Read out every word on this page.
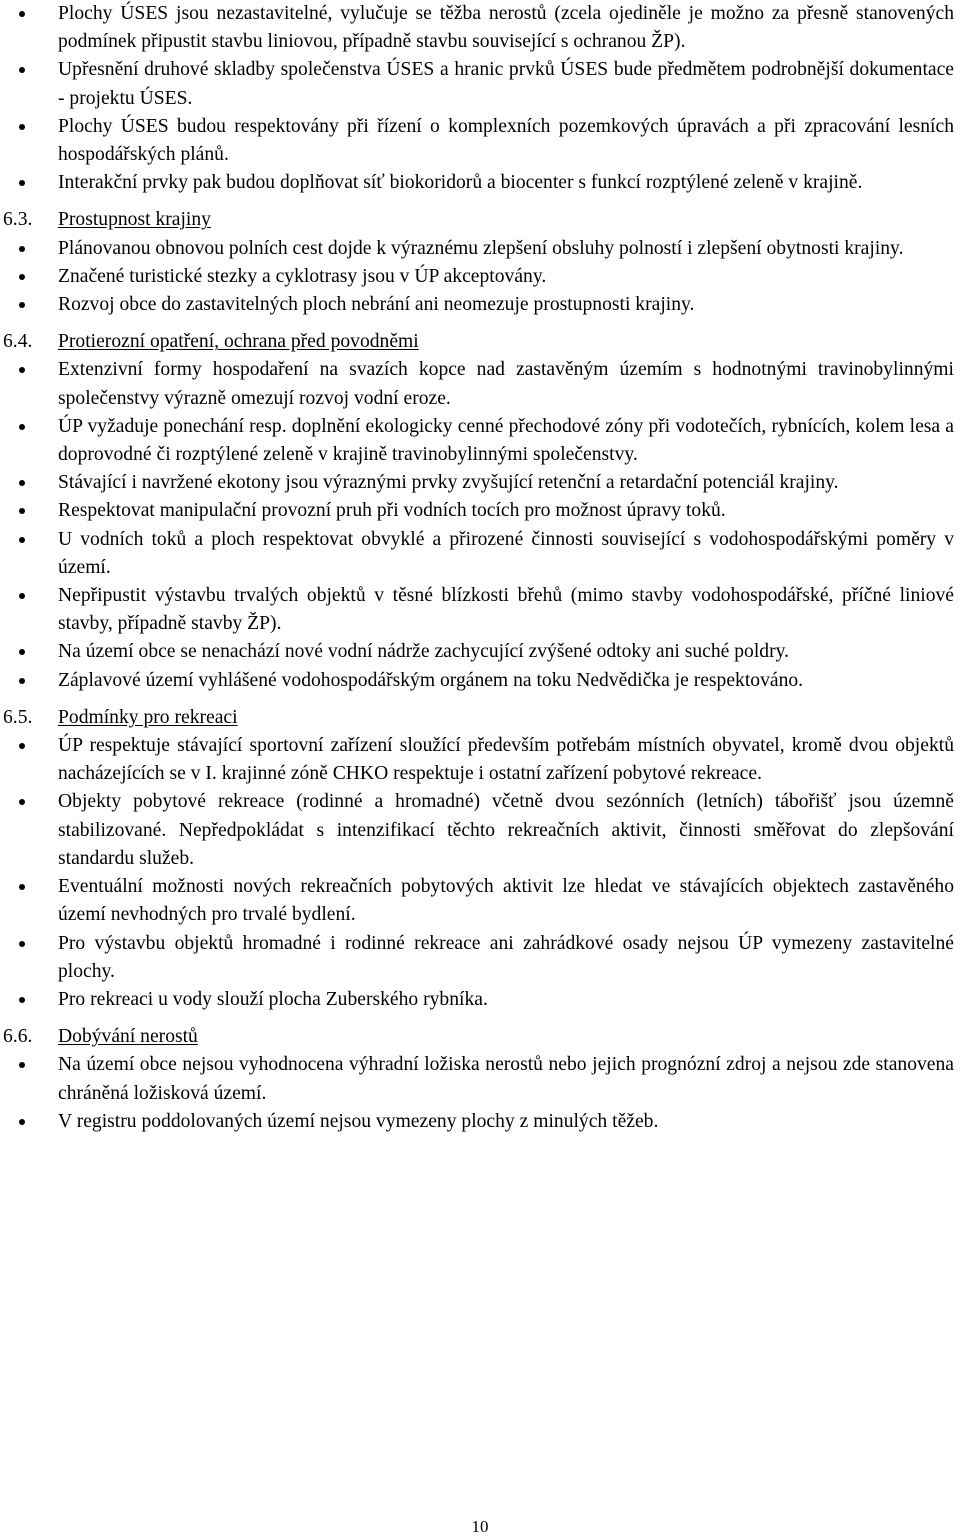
Plochy ÚSES jsou nezastavitelné, vylučuje se těžba nerostů (zcela ojediněle je možno za přesně stanovených podmínek připustit stavbu liniovou, případně stavbu související s ochranou ŽP).
Upřesnění druhové skladby společenstva ÚSES a hranic prvků ÚSES bude předmětem podrobnější dokumentace - projektu ÚSES.
Plochy ÚSES budou respektovány při řízení o komplexních pozemkových úpravách a při zpracování lesních hospodářských plánů.
Interakční prvky pak budou doplňovat síť biokoridorů a biocenter s funkcí rozptýlené zeleně v krajině.
6.3. Prostupnost krajiny
Plánovanou obnovou polních cest dojde k výraznému zlepšení obsluhy polností i zlepšení obytnosti krajiny.
Značené turistické stezky a cyklotrasy jsou v ÚP akceptovány.
Rozvoj obce do zastavitelných ploch nebrání ani neomezuje prostupnosti krajiny.
6.4. Protierozní opatření, ochrana před povodněmi
Extenzivní formy hospodaření na svazích kopce nad zastavěným územím s hodnotnými travinobylinnými společenstvy výrazně omezují rozvoj vodní eroze.
ÚP vyžaduje ponechání resp. doplnění ekologicky cenné přechodové zóny při vodotečích, rybnících, kolem lesa a doprovodné či rozptýlené zeleně v krajině travinobylinnými společenstvy.
Stávající i navržené ekotony jsou výraznými prvky zvyšující retenční a retardační potenciál krajiny.
Respektovat manipulační provozní pruh při vodních tocích pro možnost úpravy toků.
U vodních toků a ploch respektovat obvyklé a přirozené činnosti související s vodohospodářskými poměry v území.
Nepřipustit výstavbu trvalých objektů v těsné blízkosti břehů (mimo stavby vodohospodářské, příčné liniové stavby, případně stavby ŽP).
Na území obce se nenachází nové vodní nádrže zachycující zvýšené odtoky ani suché poldry.
Záplavové území vyhlášené vodohospodářským orgánem na toku Nedvědička je respektováno.
6.5. Podmínky pro rekreaci
ÚP respektuje stávající sportovní zařízení sloužící především potřebám místních obyvatel, kromě dvou objektů nacházejících se v I. krajinné zóně CHKO respektuje i ostatní zařízení pobytové rekreace.
Objekty pobytové rekreace (rodinné a hromadné) včetně dvou sezónních (letních) tábořišť jsou územně stabilizované. Nepředpokládat s intenzifikací těchto rekreačních aktivit, činnosti směřovat do zlepšování standardu služeb.
Eventuální možnosti nových rekreačních pobytových aktivit lze hledat ve stávajících objektech zastavěného území nevhodných pro trvalé bydlení.
Pro výstavbu objektů hromadné i rodinné rekreace ani zahrádkové osady nejsou ÚP vymezeny zastavitelné plochy.
Pro rekreaci u vody slouží plocha Zuberského rybníka.
6.6. Dobývání nerostů
Na území obce nejsou vyhodnocena výhradní ložiska nerostů nebo jejich prognózní zdroj a nejsou zde stanovena chráněná ložisková území.
V registru poddolovaných území nejsou vymezeny plochy z minulých těžeb.
10
